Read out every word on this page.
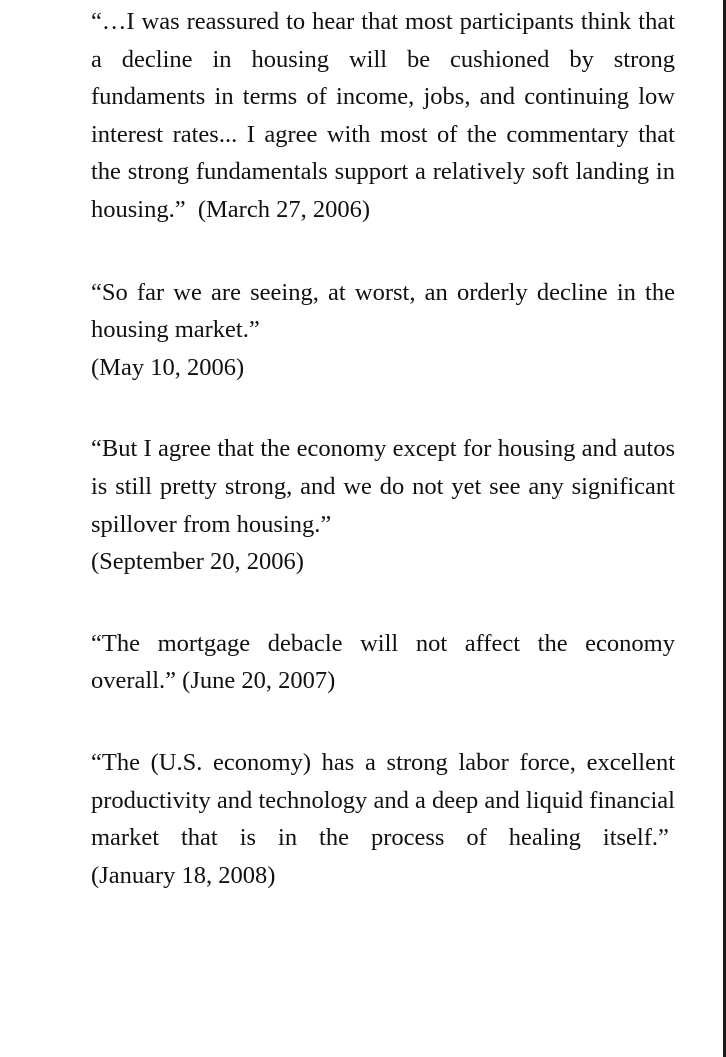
“…I was reassured to hear that most participants think that a decline in housing will be cushioned by strong fundaments in terms of income, jobs, and continuing low interest rates... I agree with most of the commentary that the strong fundamentals support a relatively soft landing in housing.” (March 27, 2006)

“So far we are seeing, at worst, an orderly decline in the housing market.”
(May 10, 2006)

“But I agree that the economy except for housing and autos is still pretty strong, and we do not yet see any significant spillover from housing.”
(September 20, 2006)

“The mortgage debacle will not affect the economy overall.” (June 20, 2007)

“The (U.S. economy) has a strong labor force, excellent productivity and technology and a deep and liquid financial market that is in the process of healing itself.”  (January 18, 2008)
